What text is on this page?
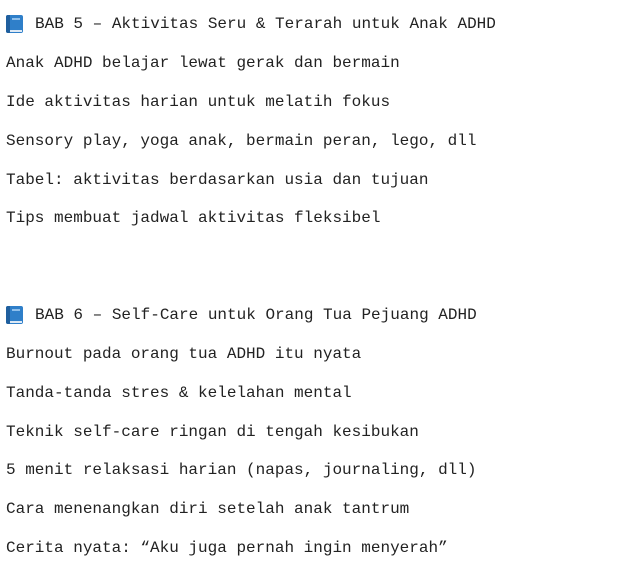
BAB 5 – Aktivitas Seru & Terarah untuk Anak ADHD
Anak ADHD belajar lewat gerak dan bermain
Ide aktivitas harian untuk melatih fokus
Sensory play, yoga anak, bermain peran, lego, dll
Tabel: aktivitas berdasarkan usia dan tujuan
Tips membuat jadwal aktivitas fleksibel
BAB 6 – Self-Care untuk Orang Tua Pejuang ADHD
Burnout pada orang tua ADHD itu nyata
Tanda-tanda stres & kelelahan mental
Teknik self-care ringan di tengah kesibukan
5 menit relaksasi harian (napas, journaling, dll)
Cara menenangkan diri setelah anak tantrum
Cerita nyata: “Aku juga pernah ingin menyerah”
